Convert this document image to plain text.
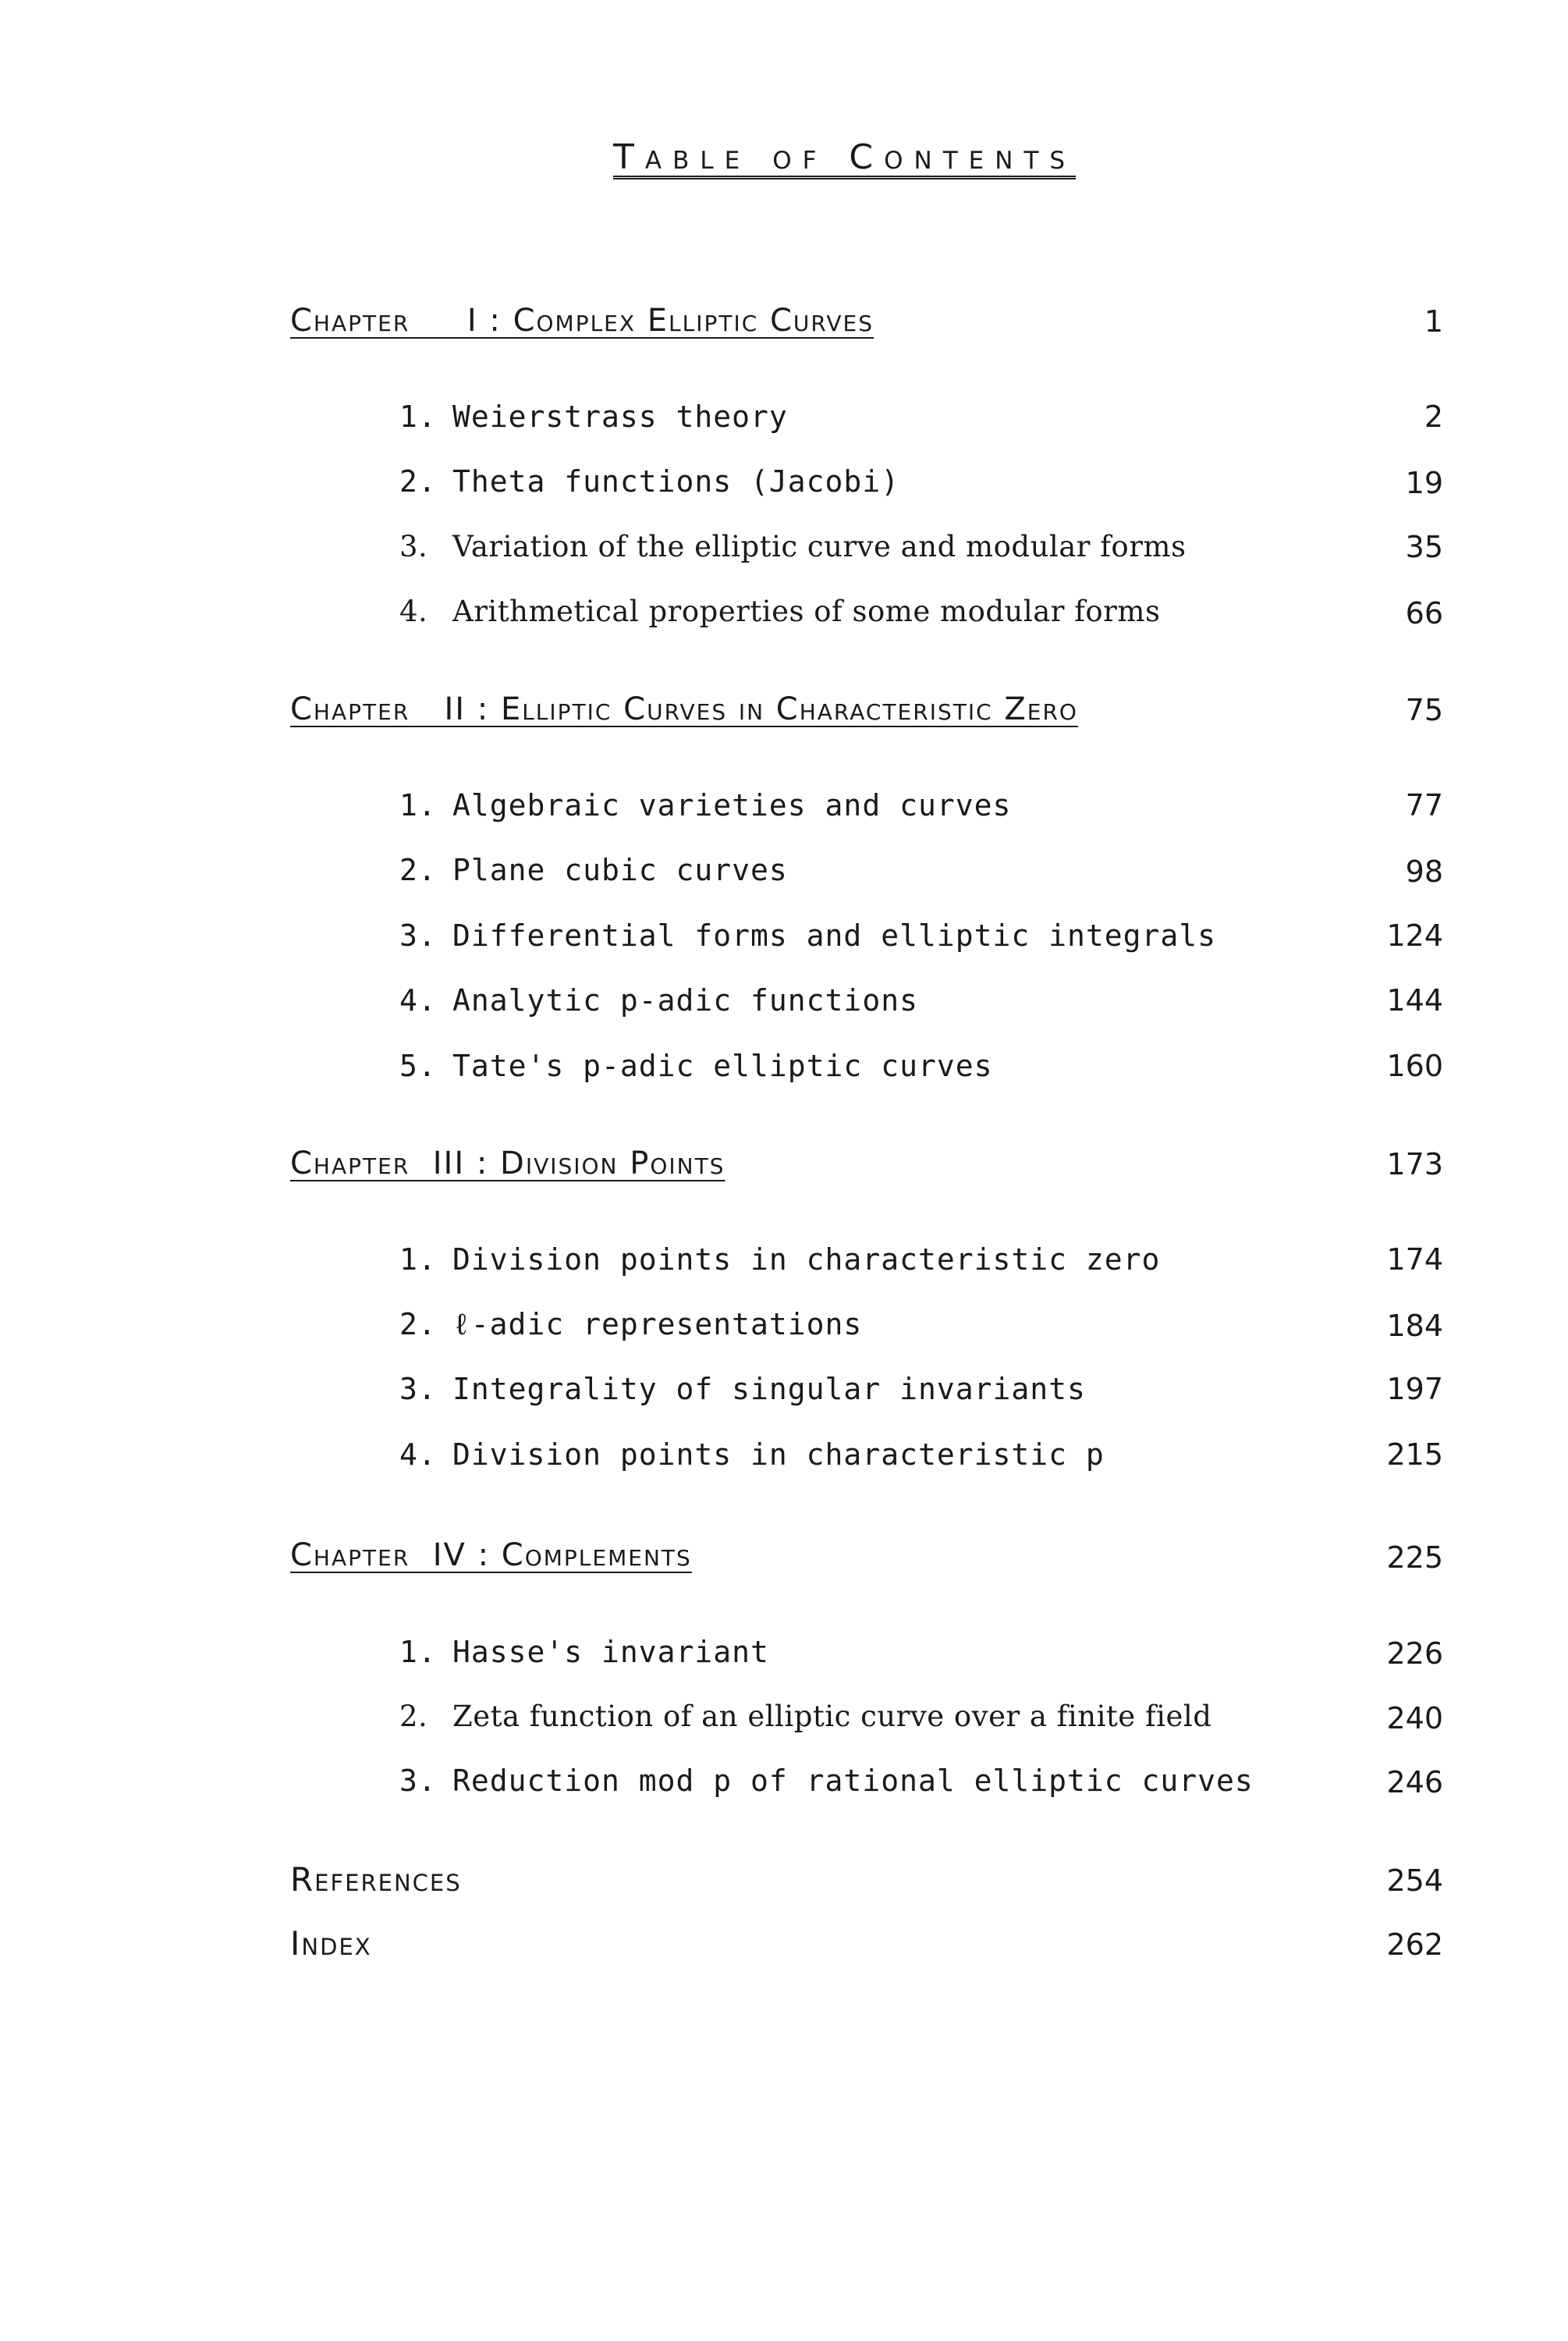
Table of Contents
Chapter I : Complex Elliptic Curves	1
1. Weierstrass theory	2
2. Theta functions (Jacobi)	19
3. Variation of the elliptic curve and modular forms	35
4. Arithmetical properties of some modular forms	66
Chapter II : Elliptic Curves in Characteristic Zero	75
1. Algebraic varieties and curves	77
2. Plane cubic curves	98
3. Differential forms and elliptic integrals	124
4. Analytic p-adic functions	144
5. Tate's p-adic elliptic curves	160
Chapter III : Division Points	173
1. Division points in characteristic zero	174
2. ℓ-adic representations	184
3. Integrality of singular invariants	197
4. Division points in characteristic p	215
Chapter IV : Complements	225
1. Hasse's invariant	226
2. Zeta function of an elliptic curve over a finite field	240
3. Reduction mod p of rational elliptic curves	246
References	254
Index	262
